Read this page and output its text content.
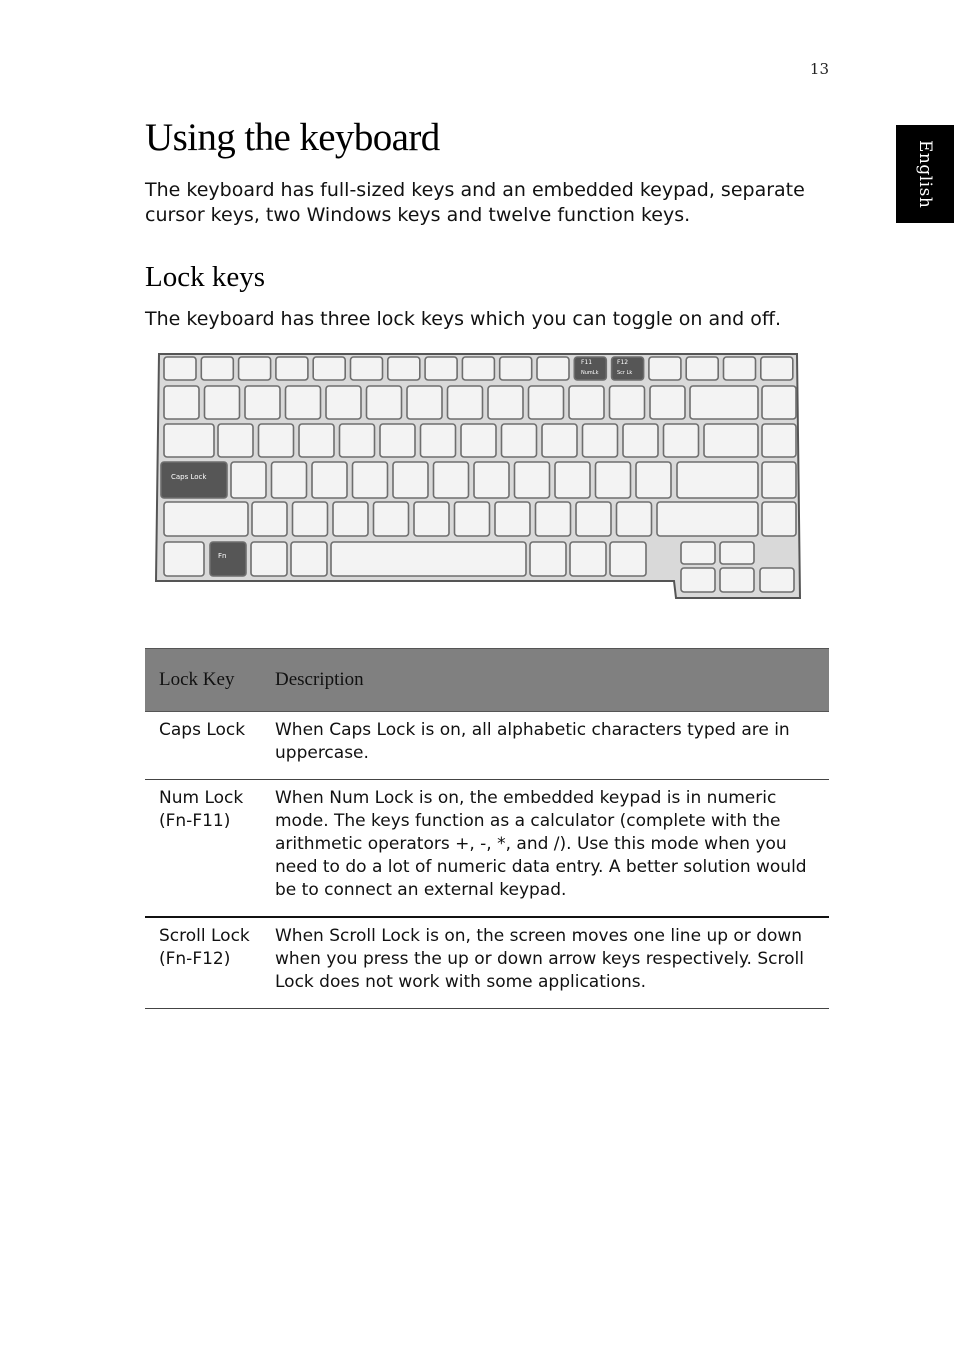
13
English
Using the keyboard

The keyboard has full-sized keys and an embedded keypad, separate cursor keys, two Windows keys and twelve function keys.

Lock keys

The keyboard has three lock keys which you can toggle on and off.

F11
NumLk
F12
Scr Lk
Caps Lock
Fn
Lock Key	Description
Caps Lock	When Caps Lock is on, all alphabetic characters typed are in uppercase.
Num Lock
(Fn-F11)	When Num Lock is on, the embedded keypad is in numeric mode. The keys function as a calculator (complete with the arithmetic operators +, -, *, and /). Use this mode when you need to do a lot of numeric data entry. A better solution would be to connect an external keypad.
Scroll Lock
(Fn-F12)	When Scroll Lock is on, the screen moves one line up or down when you press the up or down arrow keys respectively. Scroll Lock does not work with some applications.
